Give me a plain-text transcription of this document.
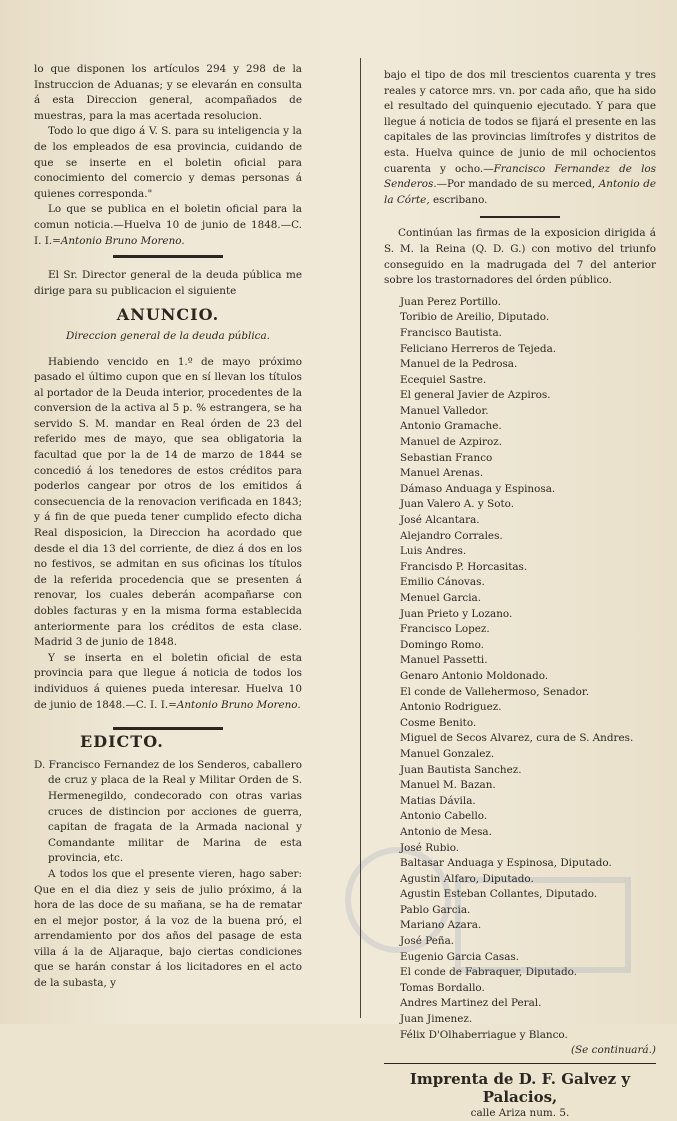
lo que disponen los artículos 294 y 298 de la Instruccion de Aduanas; y se elevarán en consulta á esta Direccion general, acompañados de muestras, para la mas acertada resolucion.

Todo lo que digo á V. S. para su inteligencia y la de los empleados de esa provincia, cuidando de que se inserte en el boletin oficial para conocimiento del comercio y demas personas á quienes corresponda."

Lo que se publica en el boletin oficial para la comun noticia.—Huelva 10 de junio de 1848.—C. I. I.=Antonio Bruno Moreno.

El Sr. Director general de la deuda pública me dirige para su publicacion el siguiente

ANUNCIO.

Direccion general de la deuda pública.

Habiendo vencido en 1.º de mayo próximo pasado el último cupon que en sí llevan los títulos al portador de la Deuda interior, procedentes de la conversion de la activa al 5 p. % estrangera, se ha servido S. M. mandar en Real órden de 23 del referido mes de mayo, que sea obligatoria la facultad que por la de 14 de marzo de 1844 se concedió á los tenedores de estos créditos para poderlos cangear por otros de los emitidos á consecuencia de la renovacion verificada en 1843; y á fin de que pueda tener cumplido efecto dicha Real disposicion, la Direccion ha acordado que desde el dia 13 del corriente, de diez á dos en los no festivos, se admitan en sus oficinas los títulos de la referida procedencia que se presenten á renovar, los cuales deberán acompañarse con dobles facturas y en la misma forma establecida anteriormente para los créditos de esta clase. Madrid 3 de junio de 1848.

Y se inserta en el boletin oficial de esta provincia para que llegue á noticia de todos los individuos á quienes pueda interesar. Huelva 10 de junio de 1848.—C. I. I.=Antonio Bruno Moreno.

EDICTO.

D. Francisco Fernandez de los Senderos, caballero de cruz y placa de la Real y Militar Orden de S. Hermenegildo, condecorado con otras varias cruces de distincion por acciones de guerra, capitan de fragata de la Armada nacional y Comandante militar de Marina de esta provincia, etc.

A todos los que el presente vieren, hago saber: Que en el dia diez y seis de julio próximo, á la hora de las doce de su mañana, se ha de rematar en el mejor postor, á la voz de la buena pró, el arrendamiento por dos años del pasage de esta villa á la de Aljaraque, bajo ciertas condiciones que se harán constar á los licitadores en el acto de la subasta, y

bajo el tipo de dos mil trescientos cuarenta y tres reales y catorce mrs. vn. por cada año, que ha sido el resultado del quinquenio ejecutado. Y para que llegue á noticia de todos se fijará el presente en las capitales de las provincias limítrofes y distritos de esta. Huelva quince de junio de mil ochocientos cuarenta y ocho.—Francisco Fernandez de los Senderos.—Por mandado de su merced, Antonio de la Córte, escribano.

Continúan las firmas de la exposicion dirigida á S. M. la Reina (Q. D. G.) con motivo del triunfo conseguido en la madrugada del 7 del anterior sobre los trastornadores del órden público.

Juan Perez Portillo.
Toribio de Areilio, Diputado.
Francisco Bautista.
Feliciano Herreros de Tejeda.
Manuel de la Pedrosa.
Ecequiel Sastre.
El general Javier de Azpiros.
Manuel Valledor.
Antonio Gramache.
Manuel de Azpiroz.
Sebastian Franco
Manuel Arenas.
Dámaso Anduaga y Espinosa.
Juan Valero A. y Soto.
José Alcantara.
Alejandro Corrales.
Luis Andres.
Francisdo P. Horcasitas.
Emilio Cánovas.
Menuel Garcia.
Juan Prieto y Lozano.
Francisco Lopez.
Domingo Romo.
Manuel Passetti.
Genaro Antonio Moldonado.
El conde de Vallehermoso, Senador.
Antonio Rodriguez.
Cosme Benito.
Miguel de Secos Alvarez, cura de S. Andres.
Manuel Gonzalez.
Juan Bautista Sanchez.
Manuel M. Bazan.
Matias Dávila.
Antonio Cabello.
Antonio de Mesa.
José Rubio.
Baltasar Anduaga y Espinosa, Diputado.
Agustin Alfaro, Diputado.
Agustin Esteban Collantes, Diputado.
Pablo Garcia.
Mariano Azara.
José Peña.
Eugenio Garcia Casas.
El conde de Fabraquer, Diputado.
Tomas Bordallo.
Andres Martinez del Peral.
Juan Jimenez.
Félix D'Olhaberriague y Blanco.

(Se continuará.)

Imprenta de D. F. Galvez y Palacios,
calle Ariza num. 5.
